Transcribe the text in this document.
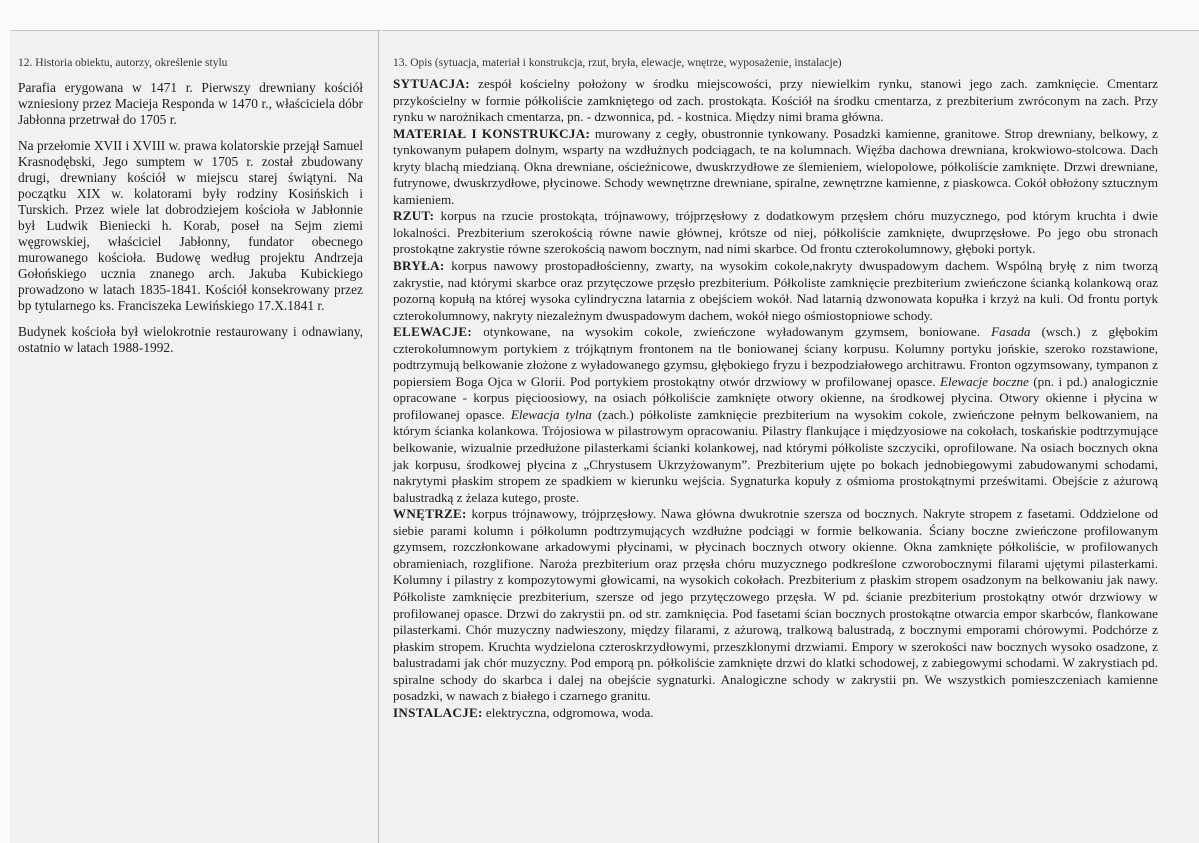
12. Historia obiektu, autorzy, określenie stylu

Parafia erygowana w 1471 r. Pierwszy drewniany kościół wzniesiony przez Macieja Responda w 1470 r., właściciela dóbr Jabłonna przetrwał do 1705 r.

Na przełomie XVII i XVIII w. prawa kolatorskie przejął Samuel Krasnodębski, Jego sumptem w 1705 r. został zbudowany drugi, drewniany kościół w miejscu starej świątyni. Na początku XIX w. kolatorami były rodziny Kosińskich i Turskich. Przez wiele lat dobrodziejem kościoła w Jabłonnie był Ludwik Bieniecki h. Korab, poseł na Sejm ziemi węgrowskiej, właściciel Jabłonny, fundator obecnego murowanego kościoła. Budowę według projektu Andrzeja Gołońskiego ucznia znanego arch. Jakuba Kubickiego prowadzono w latach 1835-1841. Kościół konsekrowany przez bp tytularnego ks. Franciszeka Lewińskiego 17.X.1841 r.

Budynek kościoła był wielokrotnie restaurowany i odnawiany, ostatnio w latach 1988-1992.

13. Opis (sytuacja, materiał i konstrukcja, rzut, bryła, elewacje, wnętrze, wyposażenie, instalacje)

SYTUACJA: zespół kościelny położony w środku miejscowości, przy niewielkim rynku, stanowi jego zach. zamknięcie. Cmentarz przykościelny w formie półkoliście zamkniętego od zach. prostokąta. Kościół na środku cmentarza, z prezbiterium zwróconym na zach. Przy rynku w narożnikach cmentarza, pn. - dzwonnica, pd. - kostnica. Między nimi brama główna.

MATERIAŁ I KONSTRUKCJA: murowany z cegły, obustronnie tynkowany. Posadzki kamienne, granitowe. Strop drewniany, belkowy, z tynkowanym pułapem dolnym, wsparty na wzdłużnych podciągach, te na kolumnach. Więźba dachowa drewniana, krokwiowo-stolcowa. Dach kryty blachą miedzianą. Okna drewniane, ościeżnicowe, dwuskrzydłowe ze ślemieniem, wielopolowe, półkoliście zamknięte. Drzwi drewniane, futrynowe, dwuskrzydłowe, płycinowe. Schody wewnętrzne drewniane, spiralne, zewnętrzne kamienne, z piaskowca. Cokół obłożony sztucznym kamieniem.

RZUT: korpus na rzucie prostokąta, trójnawowy, trójprzęsłowy z dodatkowym przęsłem chóru muzycznego, pod którym kruchta i dwie lokalności. Prezbiterium szerokością równe nawie głównej, krótsze od niej, półkoliście zamknięte, dwuprzęsłowe. Po jego obu stronach prostokątne zakrystie równe szerokością nawom bocznym, nad nimi skarbce. Od frontu czterokolumnowy, głęboki portyk.

BRYŁA: korpus nawowy prostopadłościenny, zwarty, na wysokim cokole,nakryty dwuspadowym dachem. Wspólną bryłę z nim tworzą zakrystie, nad którymi skarbce oraz przytęczowe przęsło prezbiterium. Półkoliste zamknięcie prezbiterium zwieńczone ścianką kolankową oraz pozorną kopułą na której wysoka cylindryczna latarnia z obejściem wokół. Nad latarnią dzwonowata kopułka i krzyż na kuli. Od frontu portyk czterokolumnowy, nakryty niezależnym dwuspadowym dachem, wokół niego ośmiostopniowe schody.

ELEWACJE: otynkowane, na wysokim cokole, zwieńczone wyładowanym gzymsem, boniowane. Fasada (wsch.) z głębokim czterokolumnowym portykiem z trójkątnym frontonem na tle boniowanej ściany korpusu. Kolumny portyku jońskie, szeroko rozstawione, podtrzymują belkowanie złożone z wyładowanego gzymsu, głębokiego fryzu i bezpodziałowego architrawu. Fronton ogzymsowany, tympanon z popiersiem Boga Ojca w Glorii. Pod portykiem prostokątny otwór drzwiowy w profilowanej opasce. Elewacje boczne (pn. i pd.) analogicznie opracowane - korpus pięcioosiowy, na osiach półkoliście zamknięte otwory okienne, na środkowej płycina. Otwory okienne i płycina w profilowanej opasce. Elewacja tylna (zach.) półkoliste zamknięcie prezbiterium na wysokim cokole, zwieńczone pełnym belkowaniem, na którym ścianka kolankowa. Trójosiowa w pilastrowym opracowaniu. Pilastry flankujące i międzyosiowe na cokołach, toskańskie podtrzymujące belkowanie, wizualnie przedłużone pilasterkami ścianki kolankowej, nad którymi półkoliste szczyciki, oprofilowane. Na osiach bocznych okna jak korpusu, środkowej płycina z „Chrystusem Ukrzyżowanym”. Prezbiterium ujęte po bokach jednobiegowymi zabudowanymi schodami, nakrytymi płaskim stropem ze spadkiem w kierunku wejścia. Sygnaturka kopuły z ośmioma prostokątnymi prześwitami. Obejście z ażurową balustradką z żelaza kutego, proste.

WNĘTRZE: korpus trójnawowy, trójprzęsłowy. Nawa główna dwukrotnie szersza od bocznych. Nakryte stropem z fasetami. Oddzielone od siebie parami kolumn i półkolumn podtrzymujących wzdłużne podciągi w formie belkowania. Ściany boczne zwieńczone profilowanym gzymsem, rozczłonkowane arkadowymi płycinami, w płycinach bocznych otwory okienne. Okna zamknięte półkoliście, w profilowanych obramieniach, rozglifione. Naroża prezbiterium oraz przęsła chóru muzycznego podkreślone czworobocznymi filarami ujętymi pilasterkami. Kolumny i pilastry z kompozytowymi głowicami, na wysokich cokołach. Prezbiterium z płaskim stropem osadzonym na belkowaniu jak nawy. Półkoliste zamknięcie prezbiterium, szersze od jego przytęczowego przęsła. W pd. ścianie prezbiterium prostokątny otwór drzwiowy w profilowanej opasce. Drzwi do zakrystii pn. od str. zamknięcia. Pod fasetami ścian bocznych prostokątne otwarcia empor skarbców, flankowane pilasterkami. Chór muzyczny nadwieszony, między filarami, z ażurową, tralkową balustradą, z bocznymi emporami chórowymi. Podchórze z płaskim stropem. Kruchta wydzielona czteroskrzydłowymi, przeszklonymi drzwiami. Empory w szerokości naw bocznych wysoko osadzone, z balustradami jak chór muzyczny. Pod emporą pn. półkoliście zamknięte drzwi do klatki schodowej, z zabiegowymi schodami. W zakrystiach pd. spiralne schody do skarbca i dalej na obejście sygnaturki. Analogiczne schody w zakrystii pn. We wszystkich pomieszczeniach kamienne posadzki, w nawach z białego i czarnego granitu.

INSTALACJE: elektryczna, odgromowa, woda.
